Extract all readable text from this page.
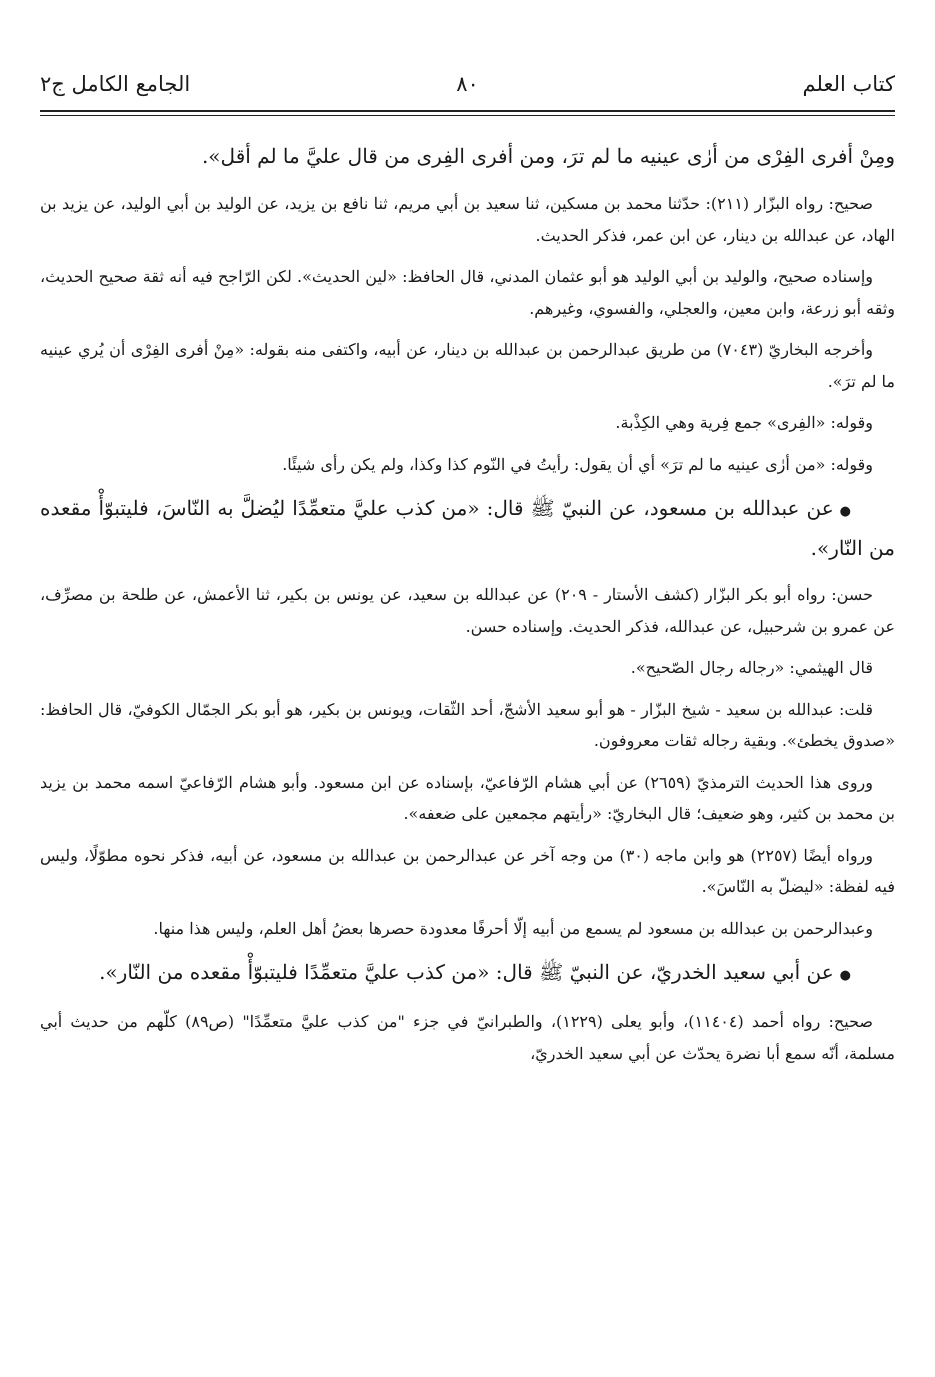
كتاب العلم
٨٠
الجامع الكامل ج٢

ومِنْ أفرى الفِرْى من أرٰى عينيه ما لم ترَ، ومن أفرى الفِرى من قال عليَّ ما لم أقل».

صحيح: رواه البزّار (٢١١): حدّثنا محمد بن مسكين، ثنا سعيد بن أبي مريم، ثنا نافع بن يزيد، عن الوليد بن أبي الوليد، عن يزيد بن الهاد، عن عبدالله بن دينار، عن ابن عمر، فذكر الحديث.

وإسناده صحيح، والوليد بن أبي الوليد هو أبو عثمان المدني، قال الحافظ: «لين الحديث». لكن الرّاجح فيه أنه ثقة صحيح الحديث، وثقه أبو زرعة، وابن معين، والعجلي، والفسوي، وغيرهم.

وأخرجه البخاريّ (٧٠٤٣) من طريق عبدالرحمن بن عبدالله بن دينار، عن أبيه، واكتفى منه بقوله: «مِنْ أفرى الفِرْى أن يُري عينيه ما لم ترَ».

وقوله: «الفِرى» جمع فِرية وهي الكِذْبة.

وقوله: «من أرٰى عينيه ما لم ترَ» أي أن يقول: رأيتُ في النّوم كذا وكذا، ولم يكن رأى شيئًا.

●عن عبدالله بن مسعود، عن النبيّ ﷺ قال: «من كذب عليَّ متعمِّدًا ليُضلَّ به النّاسَ، فليتبوّأْ مقعده من النّار».

حسن: رواه أبو بكر البزّار (كشف الأستار - ٢٠٩) عن عبدالله بن سعيد، عن يونس بن بكير، ثنا الأعمش، عن طلحة بن مصرِّف، عن عمرو بن شرحبيل، عن عبدالله، فذكر الحديث. وإسناده حسن.

قال الهيثمي: «رجاله رجال الصّحيح».

قلت: عبدالله بن سعيد - شيخ البزّار - هو أبو سعيد الأشجّ، أحد الثّقات، ويونس بن بكير، هو أبو بكر الجمّال الكوفيّ، قال الحافظ: «صدوق يخطئ». وبقية رجاله ثقات معروفون.

وروى هذا الحديث الترمذيّ (٢٦٥٩) عن أبي هشام الرّفاعيّ، بإسناده عن ابن مسعود. وأبو هشام الرّفاعيّ اسمه محمد بن يزيد بن محمد بن كثير، وهو ضعيف؛ قال البخاريّ: «رأيتهم مجمعين على ضعفه».

ورواه أيضًا (٢٢٥٧) هو وابن ماجه (٣٠) من وجه آخر عن عبدالرحمن بن عبدالله بن مسعود، عن أبيه، فذكر نحوه مطوّلًا، وليس فيه لفظة: «ليضلّ به النّاسَ».

وعبدالرحمن بن عبدالله بن مسعود لم يسمع من أبيه إلّا أحرفًا معدودة حصرها بعضُ أهل العلم، وليس هذا منها.

●عن أبي سعيد الخدريّ، عن النبيّ ﷺ قال: «من كذب عليَّ متعمِّدًا فليتبوّأْ مقعده من النّار».

صحيح: رواه أحمد (١١٤٠٤)، وأبو يعلى (١٢٢٩)، والطبرانيّ في جزء "من كذب عليَّ متعمِّدًا" (ص٨٩) كلّهم من حديث أبي مسلمة، أنّه سمع أبا نضرة يحدّث عن أبي سعيد الخدريّ،
